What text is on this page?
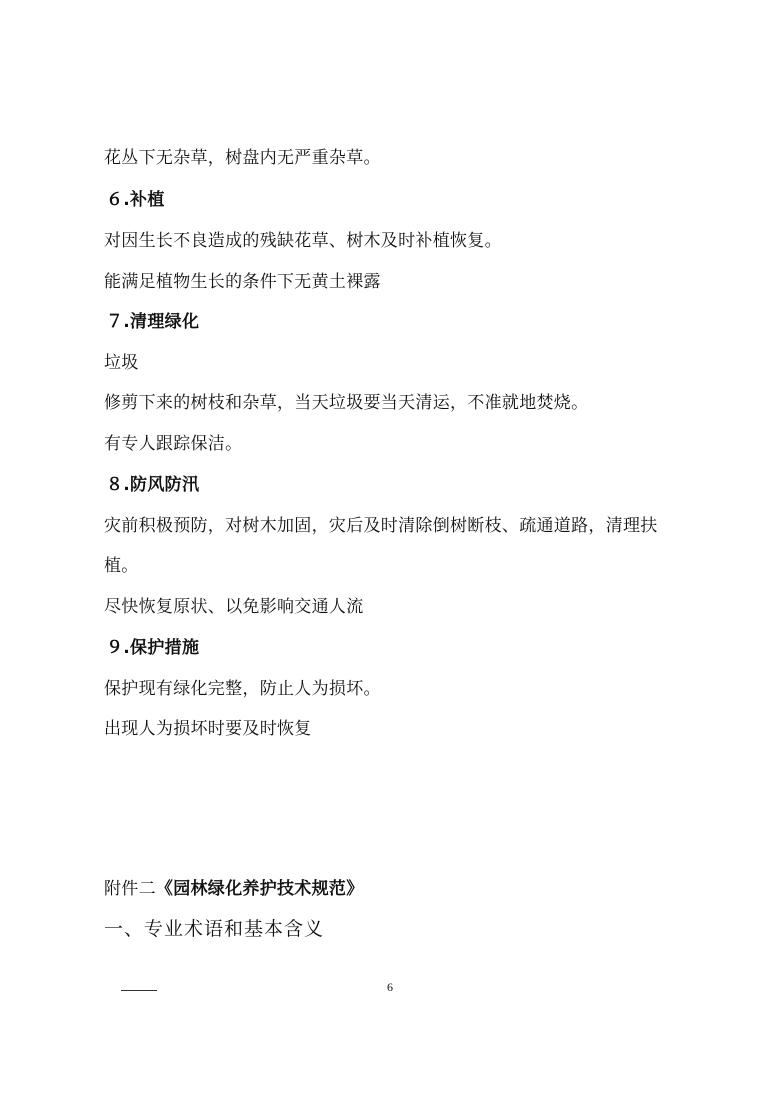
花丛下无杂草，树盘内无严重杂草。
６.补植
对因生长不良造成的残缺花草、树木及时补植恢复。
能满足植物生长的条件下无黄土裸露
７.清理绿化
垃圾
修剪下来的树枝和杂草，当天垃圾要当天清运，不准就地焚烧。
有专人跟踪保洁。
８.防风防汛
灾前积极预防，对树木加固，灾后及时清除倒树断枝、疏通道路，清理扶
植。
尽快恢复原状、以免影响交通人流
９.保护措施
保护现有绿化完整，防止人为损坏。
出现人为损坏时要及时恢复
附件二《园林绿化养护技术规范》
一、专业术语和基本含义
6
